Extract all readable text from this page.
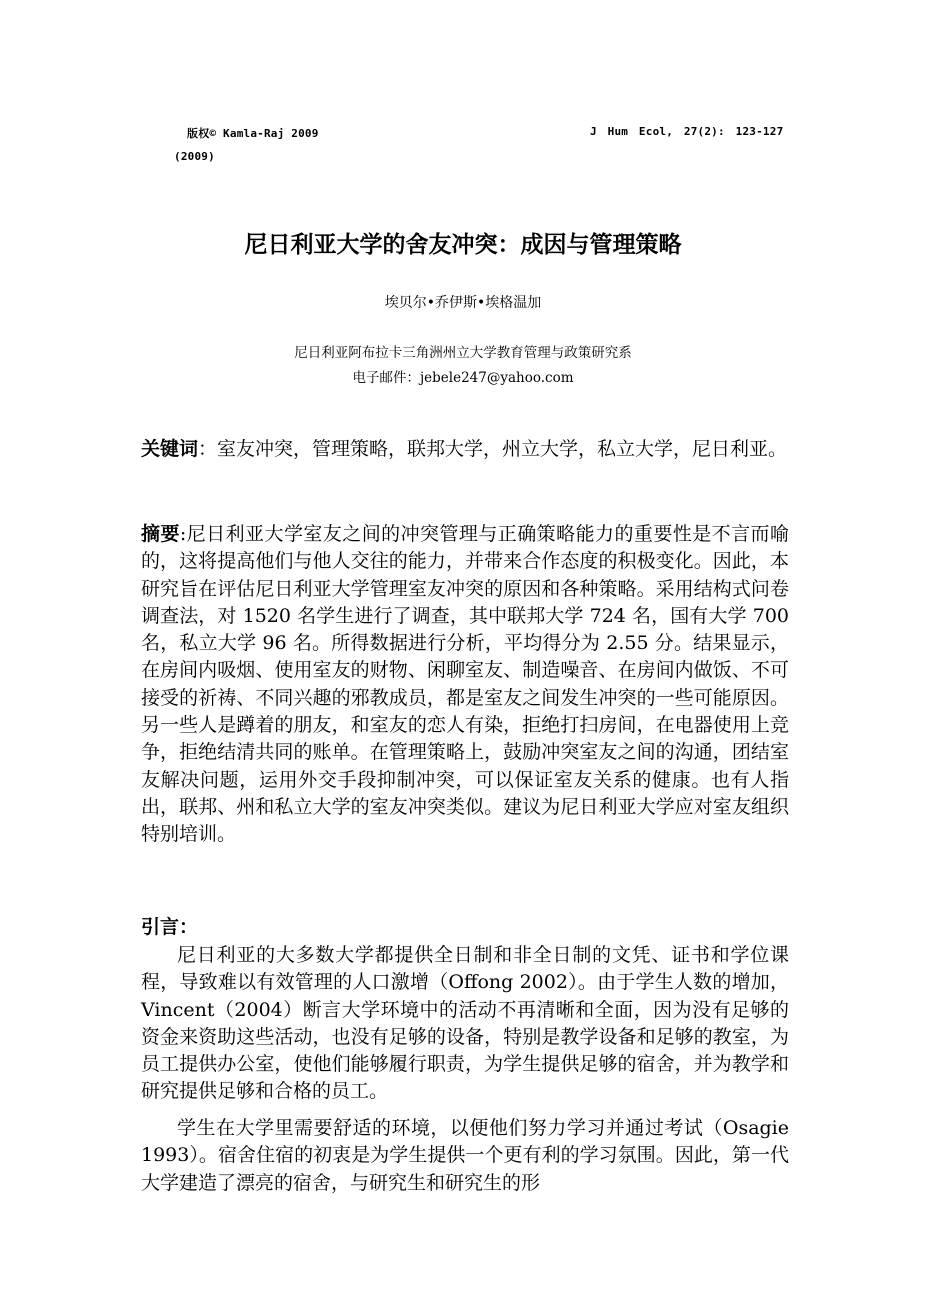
版权© Kamla-Raj 2009	J Hum Ecol, 27(2): 123-127
(2009)
尼日利亚大学的舍友冲突：成因与管理策略
埃贝尔•乔伊斯•埃格温加
尼日利亚阿布拉卡三角洲州立大学教育管理与政策研究系
电子邮件：jebele247@yahoo.com
关键词：室友冲突，管理策略，联邦大学，州立大学，私立大学，尼日利亚。
摘要:尼日利亚大学室友之间的冲突管理与正确策略能力的重要性是不言而喻的，这将提高他们与他人交往的能力，并带来合作态度的积极变化。因此，本研究旨在评估尼日利亚大学管理室友冲突的原因和各种策略。采用结构式问卷调查法，对 1520 名学生进行了调查，其中联邦大学 724 名，国有大学 700 名，私立大学 96 名。所得数据进行分析，平均得分为 2.55 分。结果显示，在房间内吸烟、使用室友的财物、闲聊室友、制造噪音、在房间内做饭、不可接受的祈祷、不同兴趣的邪教成员，都是室友之间发生冲突的一些可能原因。另一些人是蹲着的朋友，和室友的恋人有染，拒绝打扫房间，在电器使用上竞争，拒绝结清共同的账单。在管理策略上，鼓励冲突室友之间的沟通，团结室友解决问题，运用外交手段抑制冲突，可以保证室友关系的健康。也有人指出，联邦、州和私立大学的室友冲突类似。建议为尼日利亚大学应对室友组织特别培训。
引言：
尼日利亚的大多数大学都提供全日制和非全日制的文凭、证书和学位课程，导致难以有效管理的人口激增（Offong 2002）。由于学生人数的增加，Vincent（2004）断言大学环境中的活动不再清晰和全面，因为没有足够的资金来资助这些活动，也没有足够的设备，特别是教学设备和足够的教室，为员工提供办公室，使他们能够履行职责，为学生提供足够的宿舍，并为教学和研究提供足够和合格的员工。
学生在大学里需要舒适的环境，以便他们努力学习并通过考试（Osagie 1993）。宿舍住宿的初衷是为学生提供一个更有利的学习氛围。因此，第一代大学建造了漂亮的宿舍，与研究生和研究生的形
